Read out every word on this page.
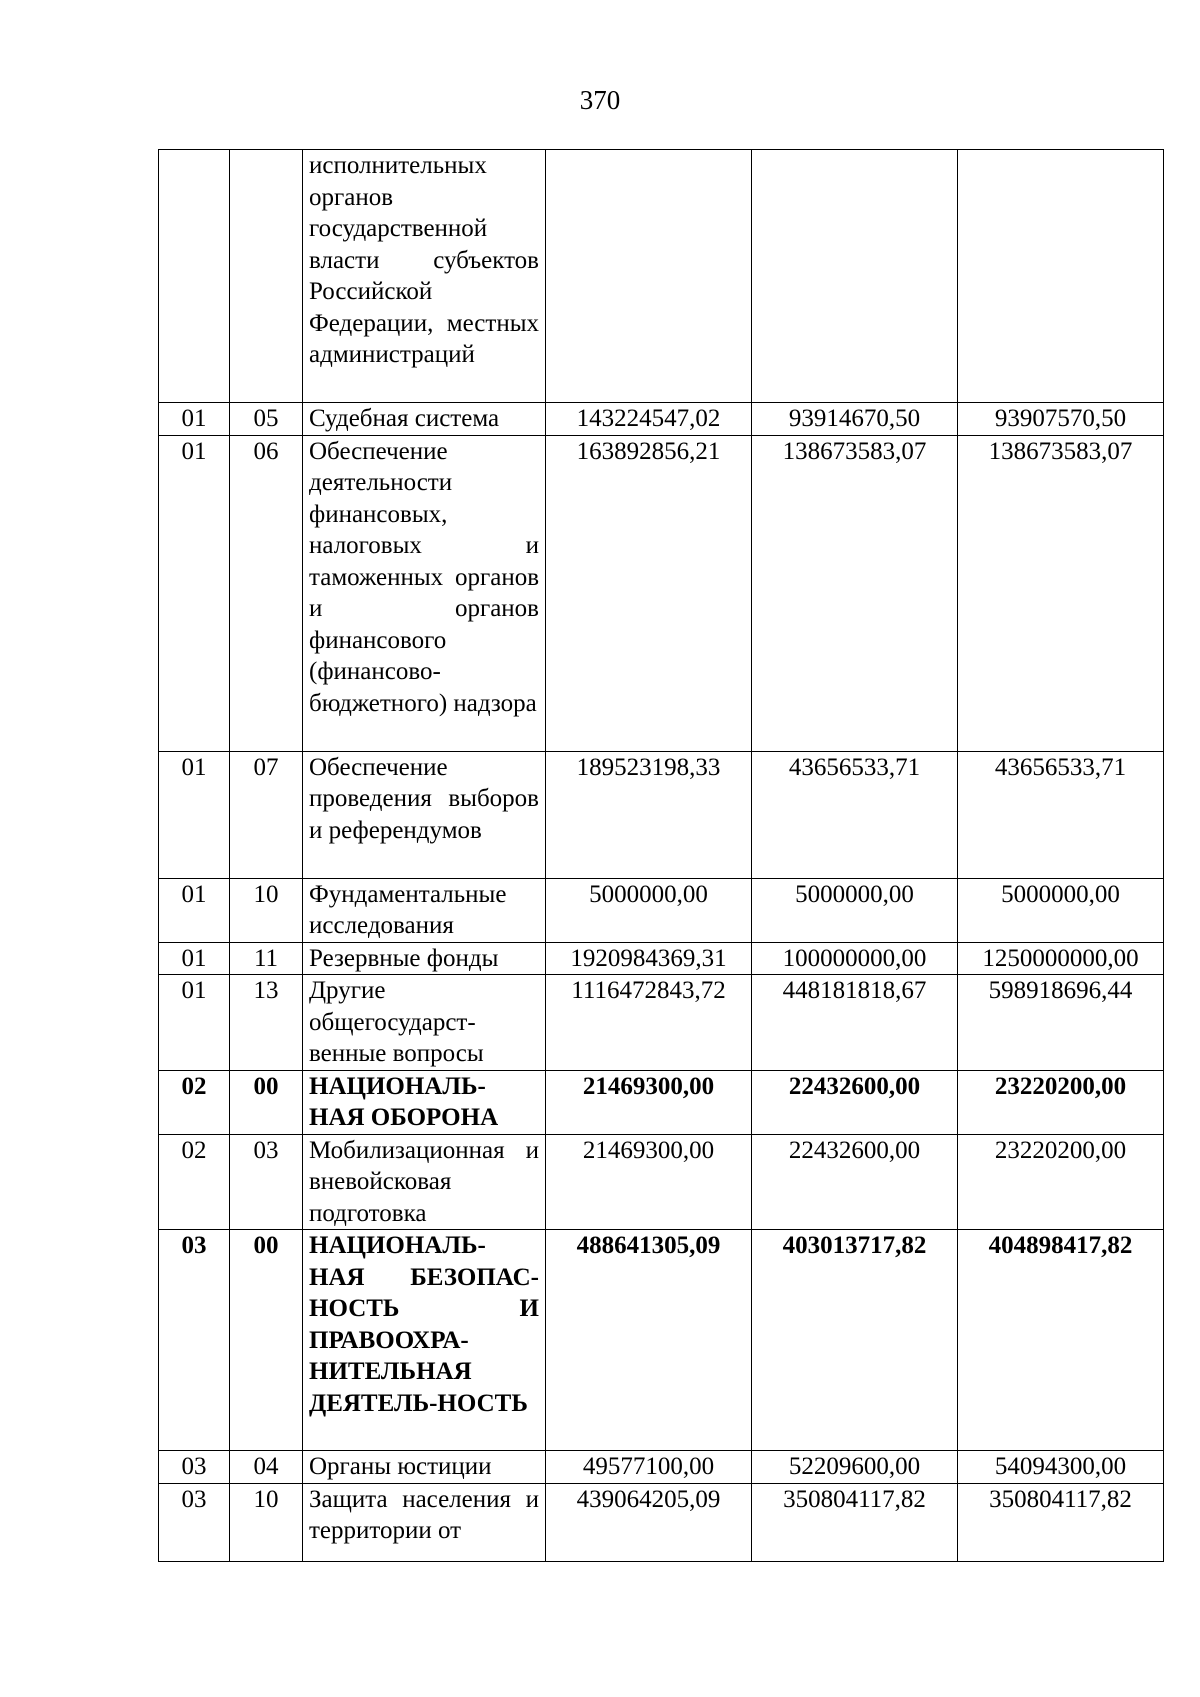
370
		исполнительных органов государственной власти субъектов Российской Федерации, местных администраций			
01	05	Судебная система	143224547,02	93914670,50	93907570,50
01	06	Обеспечение деятельности финансовых, налоговых и таможенных органов и органов финансового (финансово-бюджетного) надзора	163892856,21	138673583,07	138673583,07
01	07	Обеспечение проведения выборов и референдумов	189523198,33	43656533,71	43656533,71
01	10	Фундаментальные исследования	5000000,00	5000000,00	5000000,00
01	11	Резервные фонды	1920984369,31	100000000,00	1250000000,00
01	13	Другие общегосударст-венные вопросы	1116472843,72	448181818,67	598918696,44
02	00	НАЦИОНАЛЬ-НАЯ ОБОРОНА	21469300,00	22432600,00	23220200,00
02	03	Мобилизационная и вневойсковая подготовка	21469300,00	22432600,00	23220200,00
03	00	НАЦИОНАЛЬ-НАЯ БЕЗОПАС-НОСТЬ И ПРАВООХРА-НИТЕЛЬНАЯ ДЕЯТЕЛЬ-НОСТЬ	488641305,09	403013717,82	404898417,82
03	04	Органы юстиции	49577100,00	52209600,00	54094300,00
03	10	Защита населения и территории от	439064205,09	350804117,82	350804117,82
